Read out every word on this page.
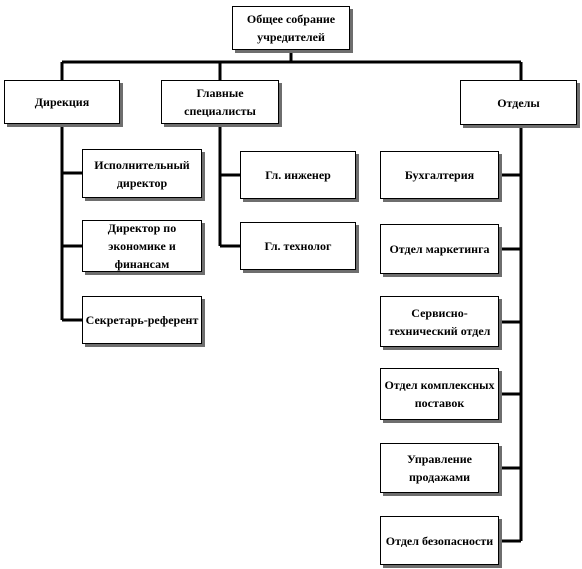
Общее собрание учредителей
Дирекция
Главные специалисты
Отделы
Исполнительный директор
Директор по экономике и финансам
Секретарь-референт
Гл. инженер
Гл. технолог
Бухгалтерия
Отдел маркетинга
Сервисно-технический отдел
Отдел комплексных поставок
Управление продажами
Отдел безопасности
